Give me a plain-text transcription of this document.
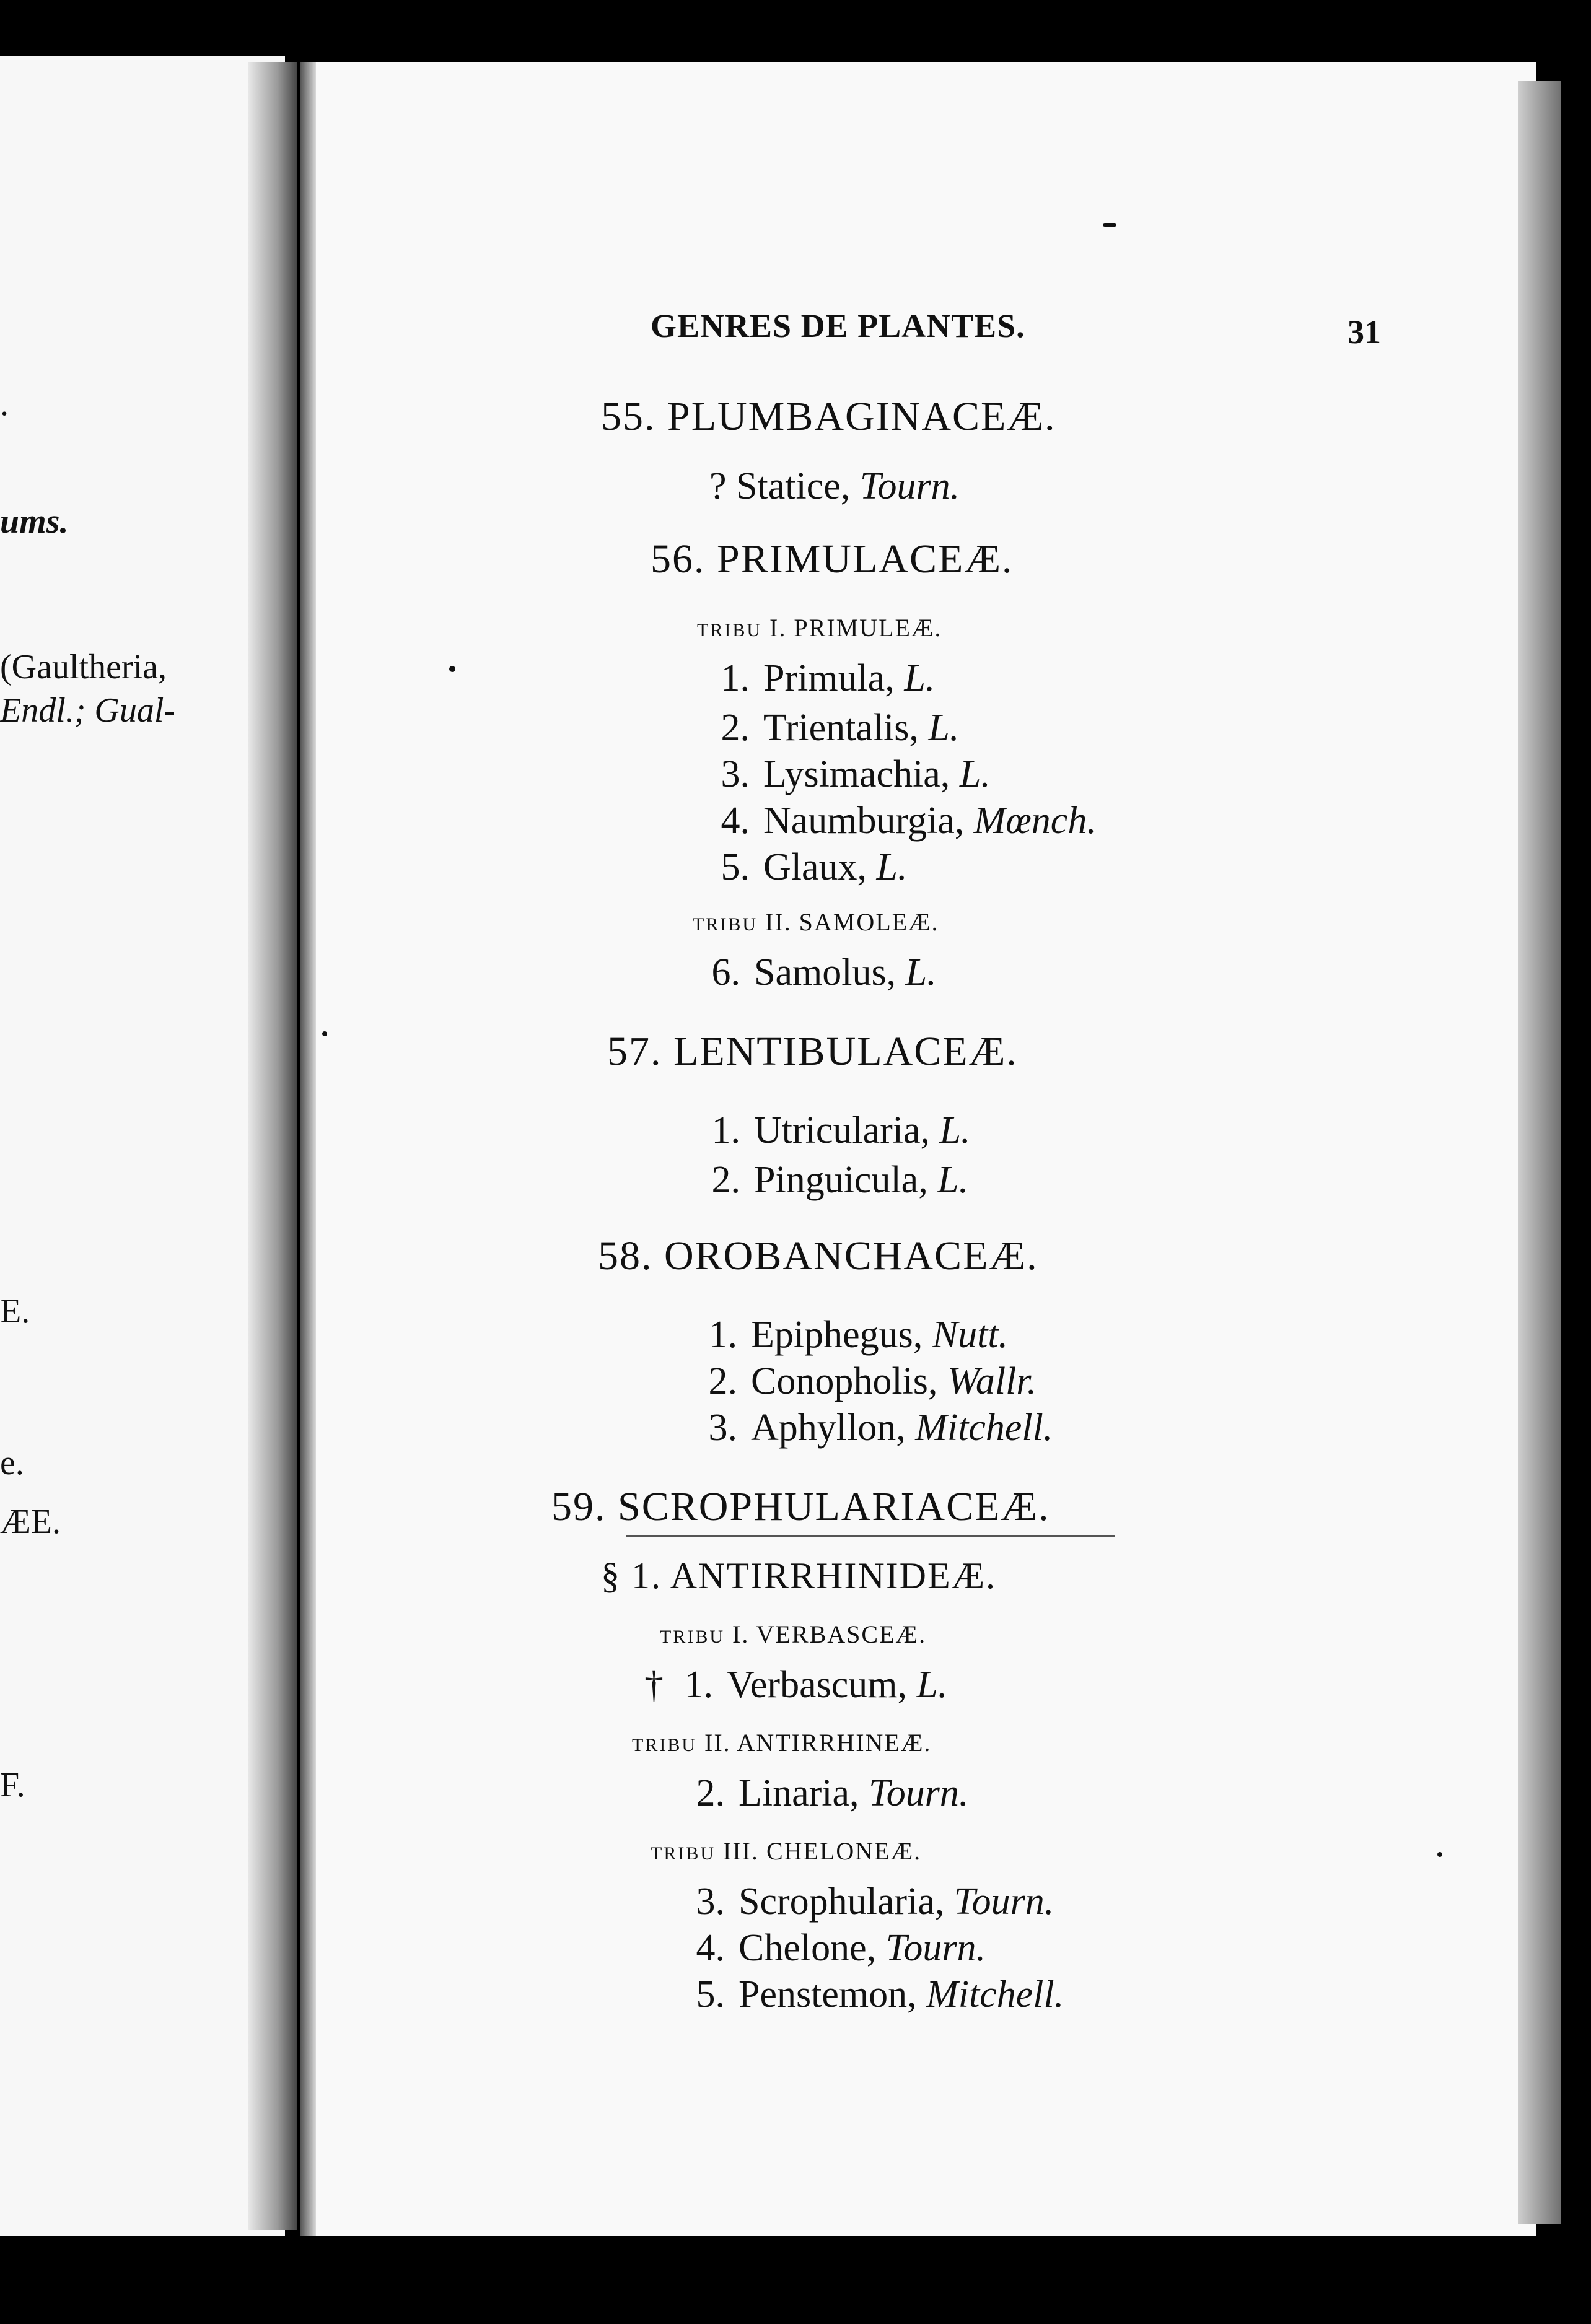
.
ums.
(Gaultheria,
Endl.; Gual-
E.
e.
ÆE.
F.
GENRES DE PLANTES.	31
55. PLUMBAGINACEÆ.
? Statice, Tourn.
56. PRIMULACEÆ.
TRIBU I. PRIMULEÆ.
1. Primula, L.
2. Trientalis, L.
3. Lysimachia, L.
4. Naumburgia, Mœnch.
5. Glaux, L.
TRIBU II. SAMOLEÆ.
6. Samolus, L.
57. LENTIBULACEÆ.
1. Utricularia, L.
2. Pinguicula, L.
58. OROBANCHACEÆ.
1. Epiphegus, Nutt.
2. Conopholis, Wallr.
3. Aphyllon, Mitchell.
59. SCROPHULARIACEÆ.
§ 1. ANTIRRHINIDEÆ.
TRIBU I. VERBASCEÆ.
† 1. Verbascum, L.
TRIBU II. ANTIRRHINEÆ.
2. Linaria, Tourn.
TRIBU III. CHELONEÆ.
3. Scrophularia, Tourn.
4. Chelone, Tourn.
5. Penstemon, Mitchell.
